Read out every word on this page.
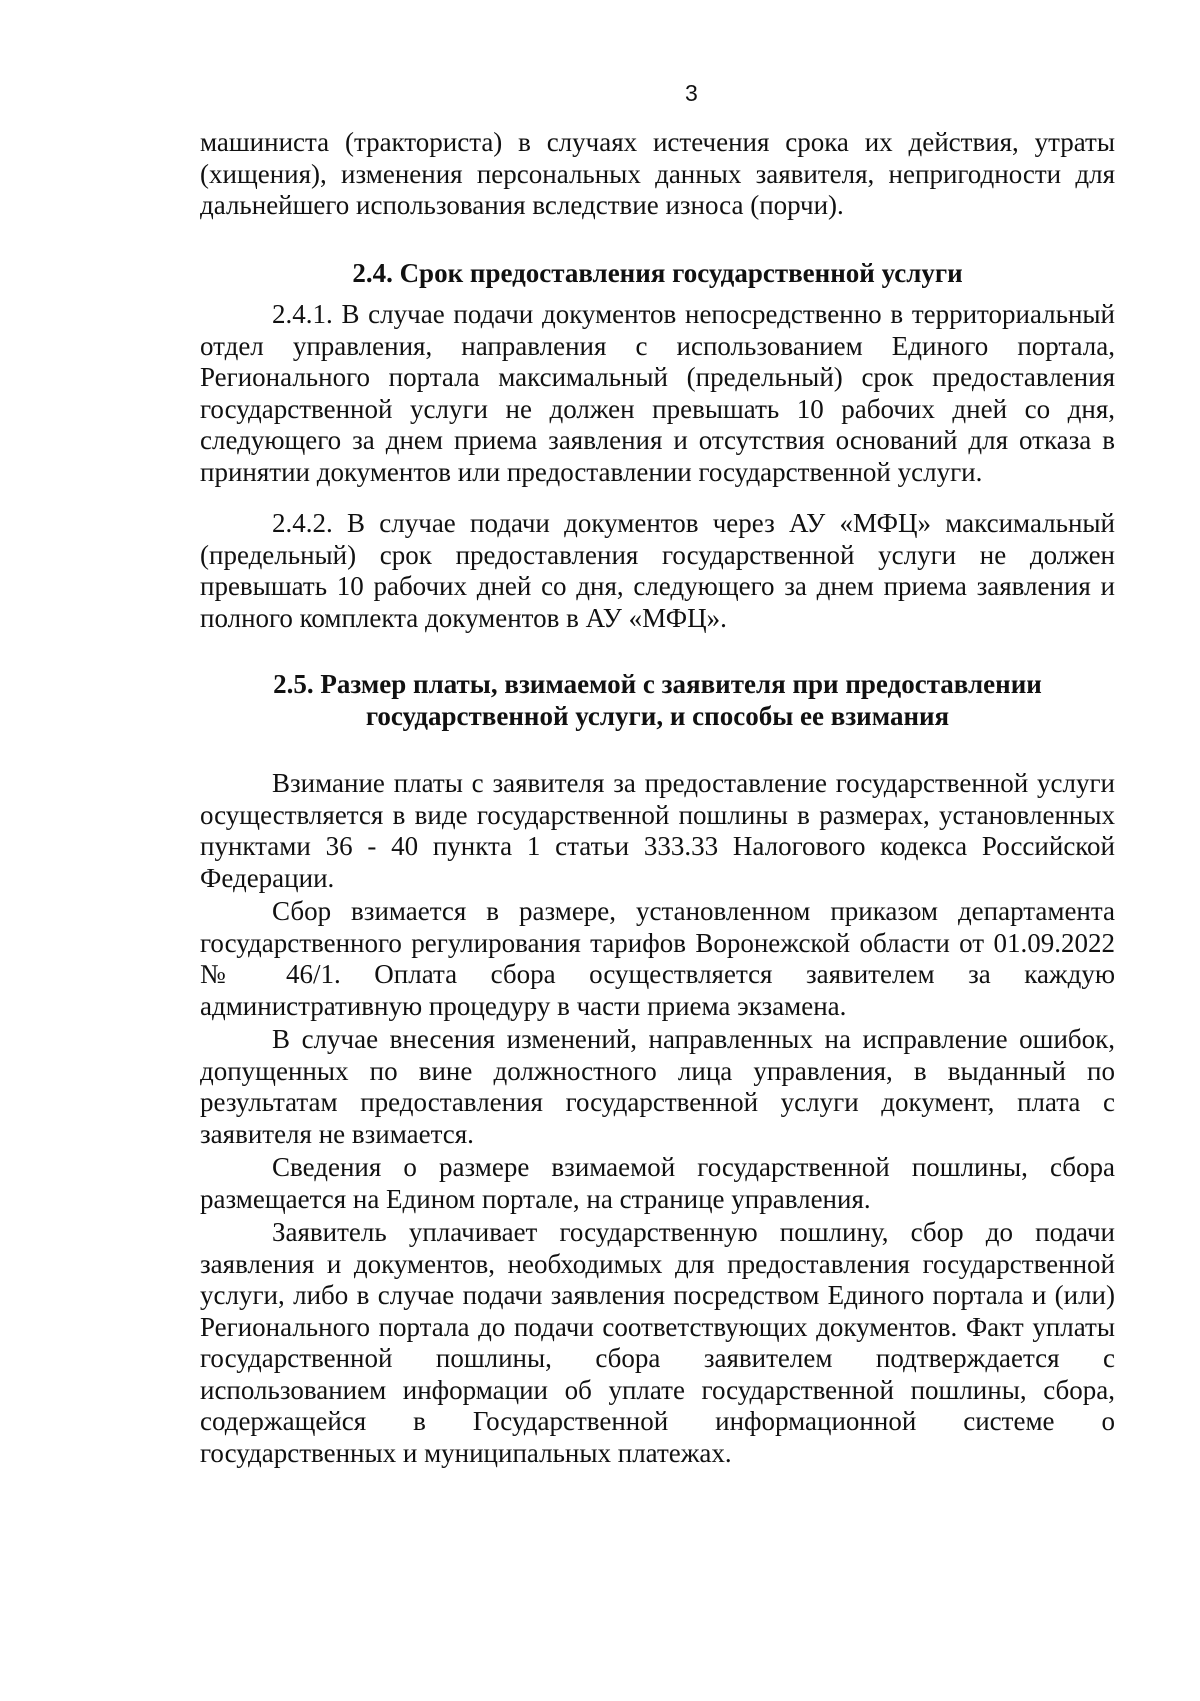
3

машиниста (тракториста) в случаях истечения срока их действия, утраты (хищения), изменения персональных данных заявителя, непригодности для дальнейшего использования вследствие износа (порчи).

2.4. Срок предоставления государственной услуги

2.4.1. В случае подачи документов непосредственно в территориальный отдел управления, направления с использованием Единого портала, Регионального портала максимальный (предельный) срок предоставления государственной услуги не должен превышать 10 рабочих дней со дня, следующего за днем приема заявления и отсутствия оснований для отказа в принятии документов или предоставлении государственной услуги.

2.4.2. В случае подачи документов через АУ «МФЦ» максимальный (предельный) срок предоставления государственной услуги не должен превышать 10 рабочих дней со дня, следующего за днем приема заявления и полного комплекта документов в АУ «МФЦ».

2.5. Размер платы, взимаемой с заявителя при предоставлении
государственной услуги, и способы ее взимания

Взимание платы с заявителя за предоставление государственной услуги осуществляется в виде государственной пошлины в размерах, установленных пунктами 36 - 40 пункта 1 статьи 333.33 Налогового кодекса Российской Федерации.

Сбор взимается в размере, установленном приказом департамента государственного регулирования тарифов Воронежской области от 01.09.2022 № 46/1. Оплата сбора осуществляется заявителем за каждую административную процедуру в части приема экзамена.

В случае внесения изменений, направленных на исправление ошибок, допущенных по вине должностного лица управления, в выданный по результатам предоставления государственной услуги документ, плата с заявителя не взимается.

Сведения о размере взимаемой государственной пошлины, сбора размещается на Едином портале, на странице управления.

Заявитель уплачивает государственную пошлину, сбор до подачи заявления и документов, необходимых для предоставления государственной услуги, либо в случае подачи заявления посредством Единого портала и (или) Регионального портала до подачи соответствующих документов. Факт уплаты государственной пошлины, сбора заявителем подтверждается с использованием информации об уплате государственной пошлины, сбора, содержащейся в Государственной информационной системе о государственных и муниципальных платежах.
